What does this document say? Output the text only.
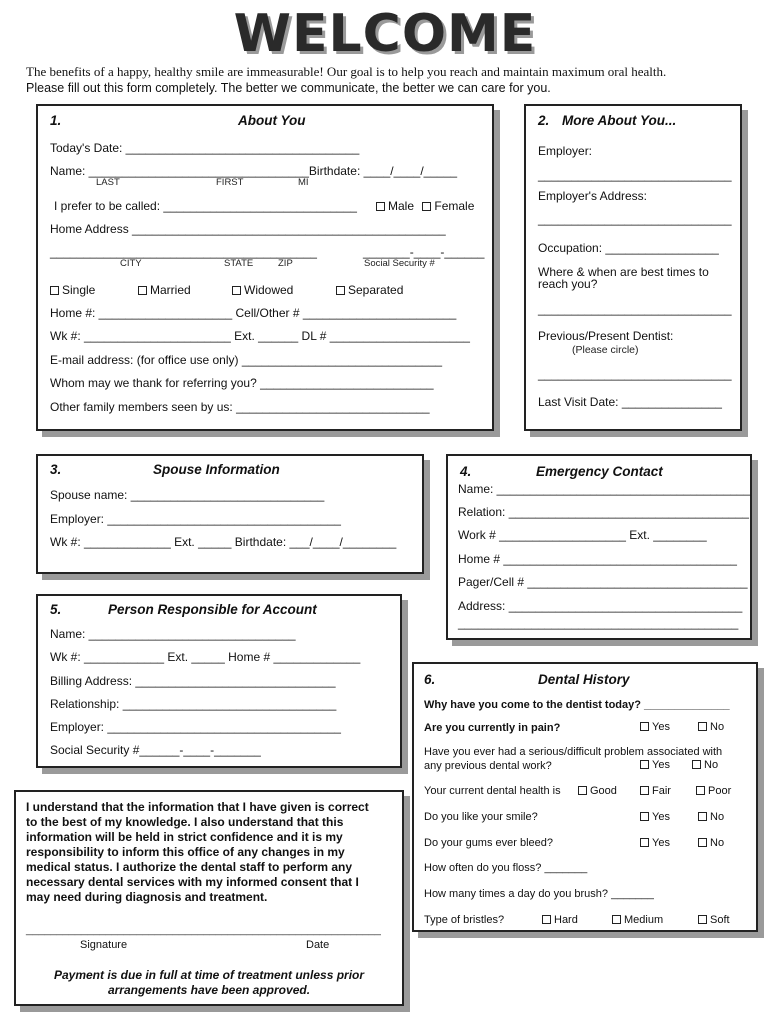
WELCOME
The benefits of a happy, healthy smile are immeasurable! Our goal is to help you reach and maintain maximum oral health.
Please fill out this form completely. The better we communicate, the better we can care for you.
1.	About You
Today's Date: ___________________________________
Name: _________________________________Birthdate: ____/____/_____
LAST	FIRST	MI
I prefer to be called: _____________________________	Male Female
Home Address _______________________________________________
________________________________________	_______-____-______
CITY	STATE	ZIP	Social Security #
Single	Married	Widowed	Separated
Home #: ____________________ Cell/Other # _______________________
Wk #: ______________________ Ext. ______ DL # _____________________
E-mail address: (for office use only) ______________________________
Whom may we thank for referring you? __________________________
Other family members seen by us: _____________________________
2. More About You...
Employer:
_____________________________
Employer's Address:
_____________________________
Occupation: _________________
Where & when are best times to
reach you?
_____________________________
Previous/Present Dentist:
(Please circle)
_____________________________
Last Visit Date: _______________
3.	Spouse Information
Spouse name: _____________________________
Employer: ___________________________________
Wk #: _____________ Ext. _____ Birthdate: ___/____/________
4.	Emergency Contact
Name: ______________________________________
Relation: ____________________________________
Work # ___________________ Ext. ________
Home # ___________________________________
Pager/Cell # _________________________________
Address: ___________________________________
__________________________________________
5.	Person Responsible for Account
Name: _______________________________
Wk #: ____________ Ext. _____ Home # _____________
Billing Address: ______________________________
Relationship: ________________________________
Employer: ___________________________________
Social Security #______-____-_______
6.	Dental History
Why have you come to the dentist today? ______________
Are you currently in pain?	Yes	No
Have you ever had a serious/difficult problem associated with
any previous dental work?	Yes	No
Your current dental health is	Good	Fair	Poor
Do you like your smile?	Yes	No
Do your gums ever bleed?	Yes	No
How often do you floss? _______
How many times a day do you brush? _______
Type of bristles?	Hard	Medium	Soft
I understand that the information that I have given is correct
to the best of my knowledge. I also understand that this
information will be held in strict confidence and it is my
responsibility to inform this office of any changes in my
medical status. I authorize the dental staff to perform any
necessary dental services with my informed consent that I
may need during diagnosis and treatment.
__________________________________________________________
Signature	Date
Payment is due in full at time of treatment unless prior
arrangements have been approved.
